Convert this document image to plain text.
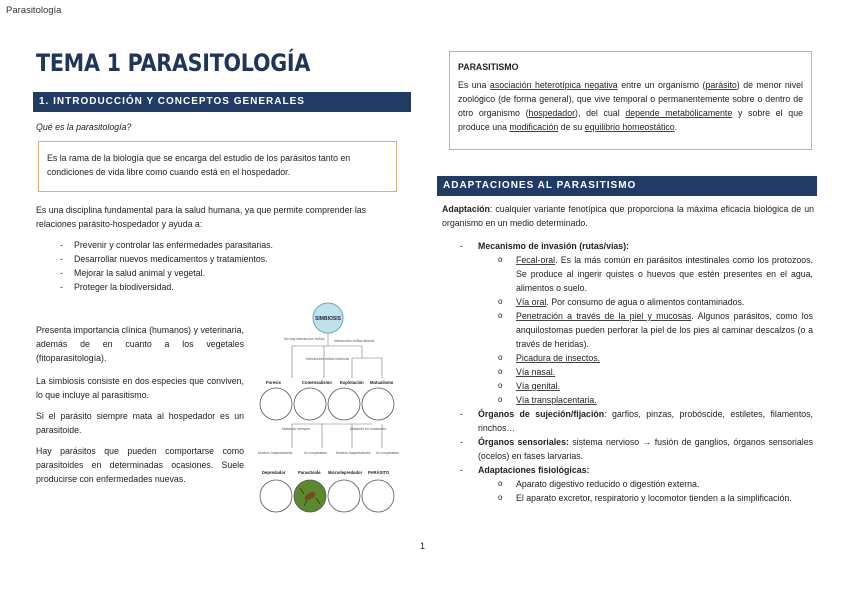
Parasitología
TEMA 1 PARASITOLOGÍA
1. INTRODUCCIÓN Y CONCEPTOS GENERALES
Qué es la parasitología?
Es la rama de la biología que se encarga del estudio de los parásitos tanto en condiciones de vida libre como cuando está en el hospedador.
Es una disciplina fundamental para la salud humana, ya que permite comprender las relaciones parásito-hospedador y ayuda a:
- Prevenir y controlar las enfermedades parasitarias.
- Desarrollar nuevos medicamentos y tratamientos.
- Mejorar la salud animal y vegetal.
- Proteger la biodiversidad.
Presenta importancia clínica (humanos) y veterinaria, además de en cuanto a los vegetales (fitoparasitología).
La simbiosis consiste en dos especies que conviven, lo que incluye al parasitismo.
Si el parásito siempre mata al hospedador es un parasitoide.
Hay parásitos que pueden comportarse como parasitoides en determinadas ocasiones. Suele producirse con enfermedades nuevas.
SIMBIOSIS
No hay interacción trófica
Interacción trófica indirecta
Interacción trófica directa
Foresis	Comensalismo Explotación Mutualismo
Matando siempre	Matando en ocasiones
Muchos hospedadores	Un hospedador	Muchos hospedadores Un hospedador
Depredador	Parasitoide Microdepredador PARÁSITO
PARASITISMO
Es una asociación heterotípica negativa entre un organismo (parásito) de menor nivel zoológico (de forma general), que vive temporal o permanentemente sobre o dentro de otro organismo (hospedador), del cual depende metabólicamente y sobre el que produce una modificación de su equilibrio homeostático.
ADAPTACIONES AL PARASITISMO
Adaptación: cualquier variante fenotípica que proporciona la máxima eficacia biológica de un organismo en un medio determinado.
- Mecanismo de invasión (rutas/vías):
o Fecal-oral. Es la más común en parásitos intestinales como los protozoos. Se produce al ingerir quistes o huevos que estén presentes en el agua, alimentos o suelo.
o Vía oral. Por consumo de agua o alimentos contaminados.
o Penetración a través de la piel y mucosas. Algunos parásitos, como los anquilostomas pueden perforar la piel de los pies al caminar descalzos (o a través de heridas).
o Picadura de insectos.
o Vía nasal.
o Vía genital.
o Vía transplacentaria.
- Órganos de sujeción/fijación: garfios, pinzas, probóscide, estiletes, filamentos, rinchos…
- Órganos sensoriales: sistema nervioso → fusión de ganglios, órganos sensoriales (ocelos) en fases larvarias.
- Adaptaciones fisiológicas:
o Aparato digestivo reducido o digestión externa.
o El aparato excretor, respiratorio y locomotor tienden a la simplificación.
1
